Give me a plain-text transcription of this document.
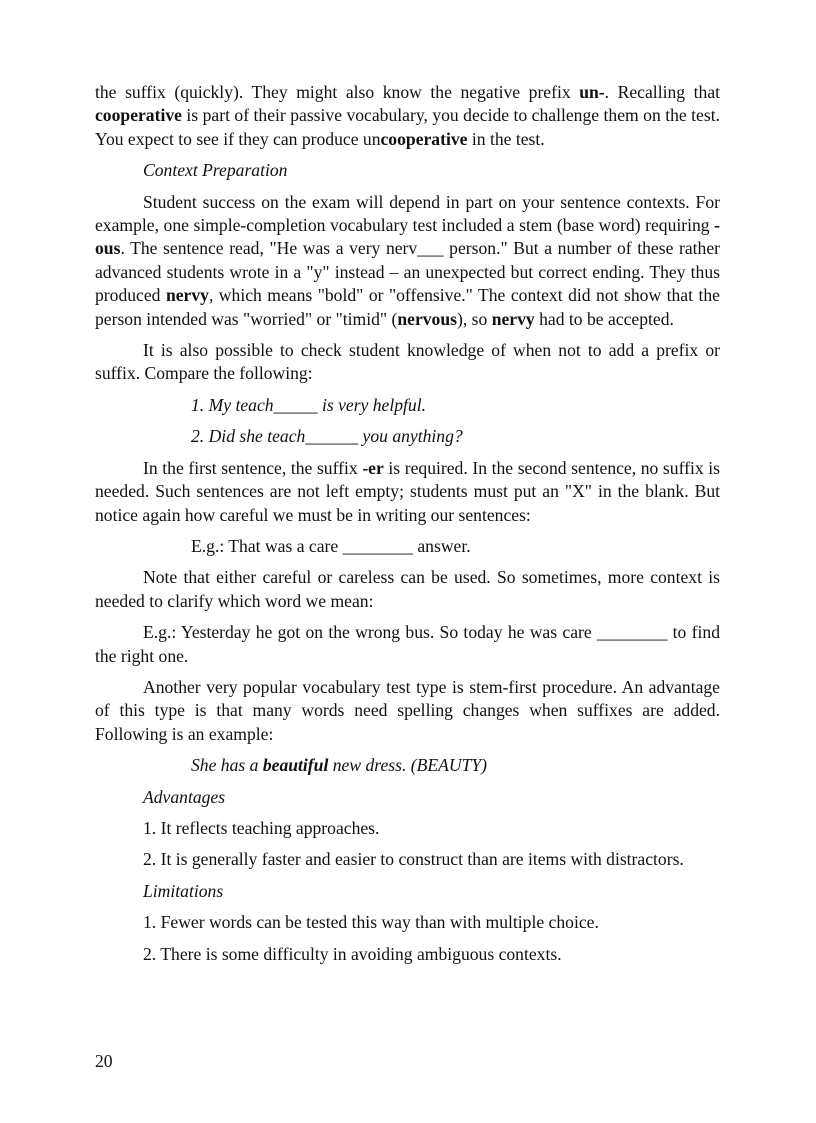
the suffix (quickly). They might also know the negative prefix un-. Recalling that cooperative is part of their passive vocabulary, you decide to challenge them on the test. You expect to see if they can produce uncooperative in the test.

Context Preparation

Student success on the exam will depend in part on your sentence contexts. For example, one simple-completion vocabulary test included a stem (base word) requiring -ous. The sentence read, "He was a very nerv___ person." But a number of these rather advanced students wrote in a "y" instead – an unexpected but correct ending. They thus produced nervy, which means "bold" or "offensive." The context did not show that the person intended was "worried" or "timid" (nervous), so nervy had to be accepted.

It is also possible to check student knowledge of when not to add a prefix or suffix. Compare the following:

1. My teach_____ is very helpful.

2. Did she teach______ you anything?

In the first sentence, the suffix -er is required. In the second sentence, no suffix is needed. Such sentences are not left empty; students must put an "X" in the blank. But notice again how careful we must be in writing our sentences:

E.g.: That was a care ________ answer.

Note that either careful or careless can be used. So sometimes, more context is needed to clarify which word we mean:

E.g.: Yesterday he got on the wrong bus. So today he was care ________ to find the right one.

Another very popular vocabulary test type is stem-first procedure. An advantage of this type is that many words need spelling changes when suffixes are added. Following is an example:

She has a beautiful new dress. (BEAUTY)

Advantages

1. It reflects teaching approaches.

2. It is generally faster and easier to construct than are items with distractors.

Limitations

1. Fewer words can be tested this way than with multiple choice.

2. There is some difficulty in avoiding ambiguous contexts.

20
